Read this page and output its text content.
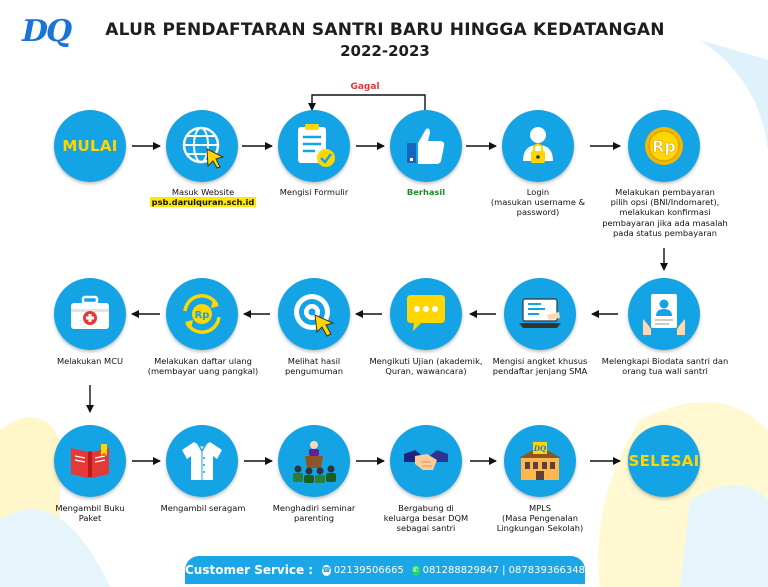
DQ	ALUR PENDAFTARAN SANTRI BARU HINGGA KEDATANGAN
2022-2023
Gagal
MULAI
Masuk Website
psb.darulquran.sch.id
Mengisi Formulir	Berhasil	Login
(masukan username & password)
Rp
Melakukan pembayaran
pilih opsi (BNI/Indomaret),
melakukan konfirmasi
pembayaran jika ada masalah
pada status pembayaran
Melengkapi Biodata santri dan
orang tua wali santri
Mengisi angket khusus
pendaftar jenjang SMA
Mengikuti Ujian (akademik,
Quran, wawancara)
Melihat hasil
pengumuman
Rp
Melakukan daftar ulang
(membayar uang pangkal)
Melakukan MCU
Mengambil Buku
Paket
Mengambil seragam	Menghadiri seminar
parenting
Bergabung di
keluarga besar DQM
sebagai santri
DQ
MPLS
(Masa Pengenalan
Lingkungan Sekolah)
SELESAI
Customer Service : ☎ 02139506665 ✆ 081288829847 | 087839366348
